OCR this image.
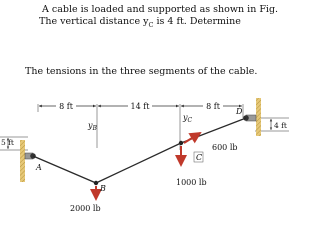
A cable is loaded and supported as shown in Fig.
The vertical distance $y_C$ is 4 ft. Determine
The tensions in the three segments of the cable.
8 ft	14 ft	8 ft
5 ft
4 ft
A
D
B
2000 lb
$y_B$
C
600 lb
1000 lb
$y_C$
